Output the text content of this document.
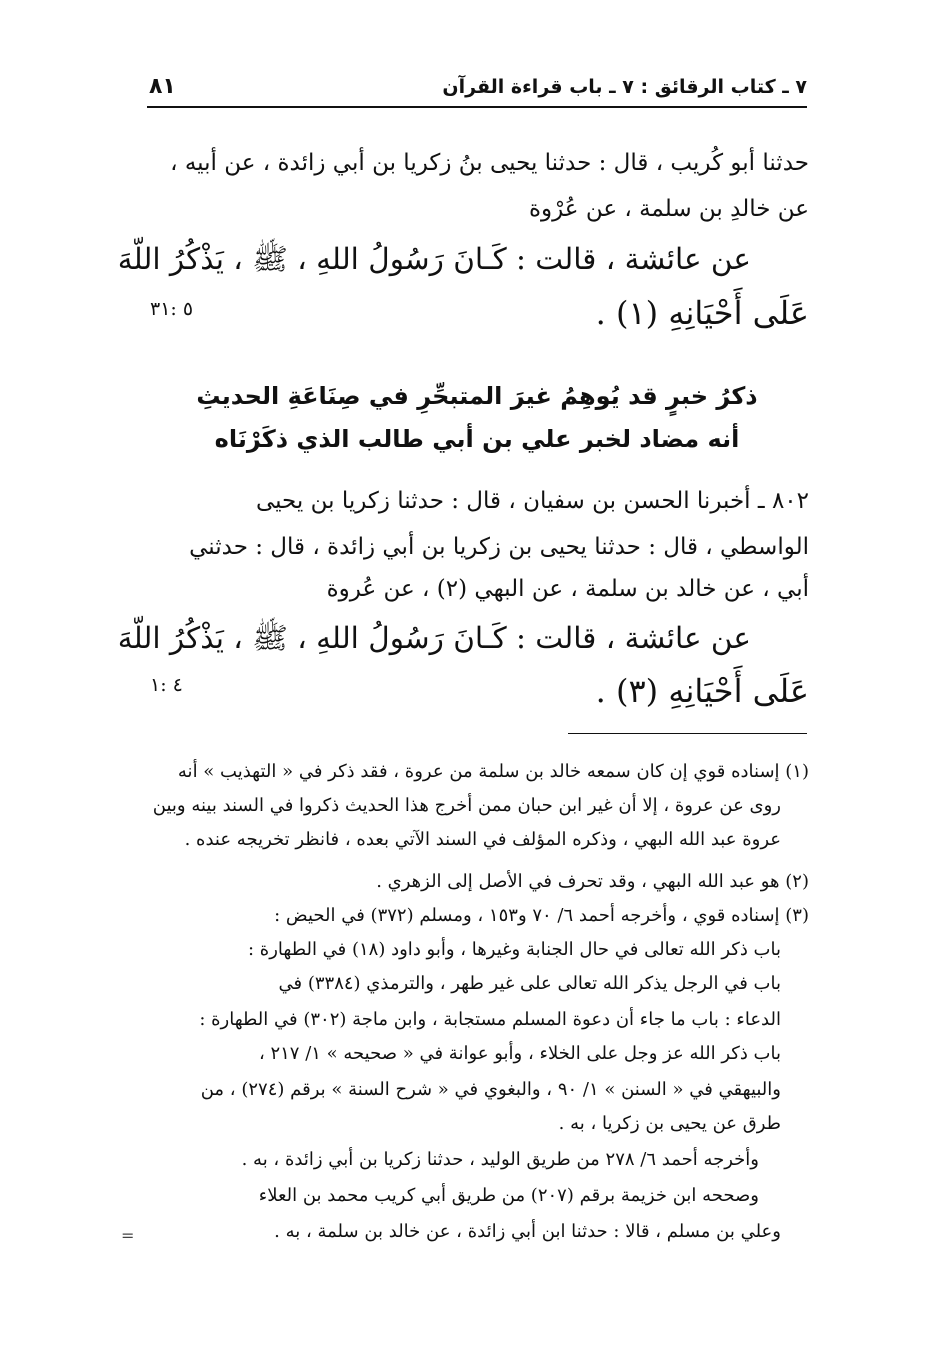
٧ ـ كتاب الرقائق : ٧ ـ باب قراءة القرآن
٨١
حدثنا أبو كُريب ، قال : حدثنا يحيى بنُ زكريا بن أبي زائدة ، عن أبيه ،
عن خالدِ بن سلمة ، عن عُرْوة
عن عائشة ، قالت : كَـانَ رَسُولُ اللهِ ، ﷺ ، يَذْكُرُ اللّهَ
عَلَى أَحْيَانِهِ (١) .
٥ :٣١
ذكرُ خبرٍ قد يُوهِمُ غيرَ المتبحِّرِ في صِنَاعَةِ الحديثِ
أنه مضاد لخبر علي بن أبي طالب الذي ذكَرْنَاه
٨٠٢ ـ أخبرنا الحسن بن سفيان ، قال : حدثنا زكريا بن يحيى
الواسطي ، قال : حدثنا يحيى بن زكريا بن أبي زائدة ، قال : حدثني
أبي ، عن خالد بن سلمة ، عن البهي (٢) ، عن عُروة
عن عائشة ، قالت : كَـانَ رَسُولُ اللهِ ، ﷺ ، يَذْكُرُ اللّهَ
عَلَى أَحْيَانِهِ (٣) .
٤ :١
(١) إسناده قوي إن كان سمعه خالد بن سلمة من عروة ، فقد ذكر في « التهذيب » أنه
روى عن عروة ، إلا أن غير ابن حبان ممن أخرج هذا الحديث ذكروا في السند بينه وبين
عروة عبد الله البهي ، وذكره المؤلف في السند الآتي بعده ، فانظر تخريجه عنده .
(٢) هو عبد الله البهي ، وقد تحرف في الأصل إلى الزهري .
(٣) إسناده قوي ، وأخرجه أحمد ٦/ ٧٠ و١٥٣ ، ومسلم (٣٧٢) في الحيض :
باب ذكر الله تعالى في حال الجنابة وغيرها ، وأبو داود (١٨) في الطهارة :
باب في الرجل يذكر الله تعالى على غير طهر ، والترمذي (٣٣٨٤) في
الدعاء : باب ما جاء أن دعوة المسلم مستجابة ، وابن ماجة (٣٠٢) في الطهارة :
باب ذكر الله عز وجل على الخلاء ، وأبو عوانة في « صحيحه » ١/ ٢١٧ ،
والبيهقي في « السنن » ١/ ٩٠ ، والبغوي في « شرح السنة » برقم (٢٧٤) ، من
طرق عن يحيى بن زكريا ، به .
وأخرجه أحمد ٦/ ٢٧٨ من طريق الوليد ، حدثنا زكريا بن أبي زائدة ، به .
وصححه ابن خزيمة برقم (٢٠٧) من طريق أبي كريب محمد بن العلاء
وعلي بن مسلم ، قالا : حدثنا ابن أبي زائدة ، عن خالد بن سلمة ، به .
=
